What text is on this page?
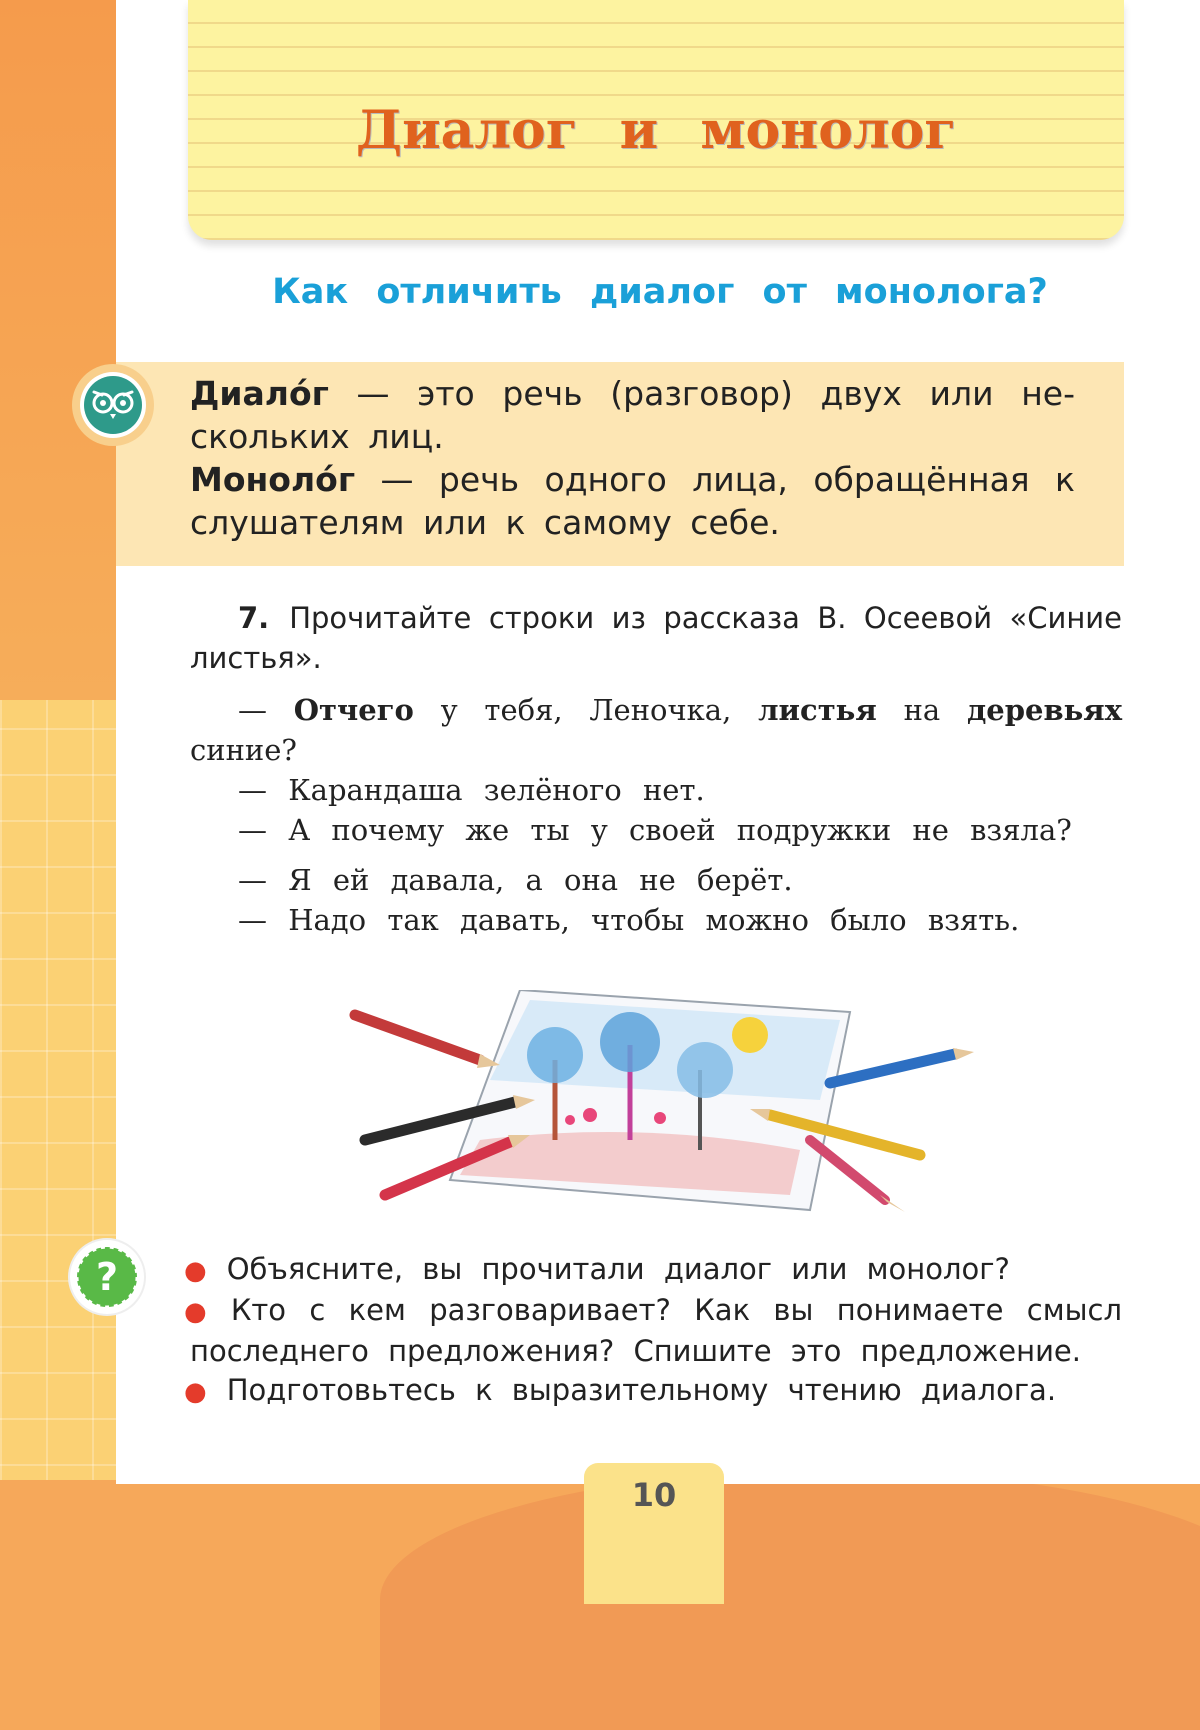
Диалог и монолог
Как отличить диалог от монолога?
Диало́г — это речь (разговор) двух или нескольких лиц.
Моноло́г — речь одного лица, обращённая к слушателям или к самому себе.
7. Прочитайте строки из рассказа В. Осеевой «Синие листья».

— Отчего у тебя, Леночка, листья на деревьях синие?

— Карандаша зелёного нет.

— А почему же ты у своей подружки не взяла?

— Я ей давала, а она не берёт.

— Надо так давать, чтобы можно было взять.

?	● Объясните, вы прочитали диалог или монолог?

● Кто с кем разговаривает? Как вы понимаете смысл последнего предложения? Спишите это предложение.

● Подготовьтесь к выразительному чтению диалога.

10
